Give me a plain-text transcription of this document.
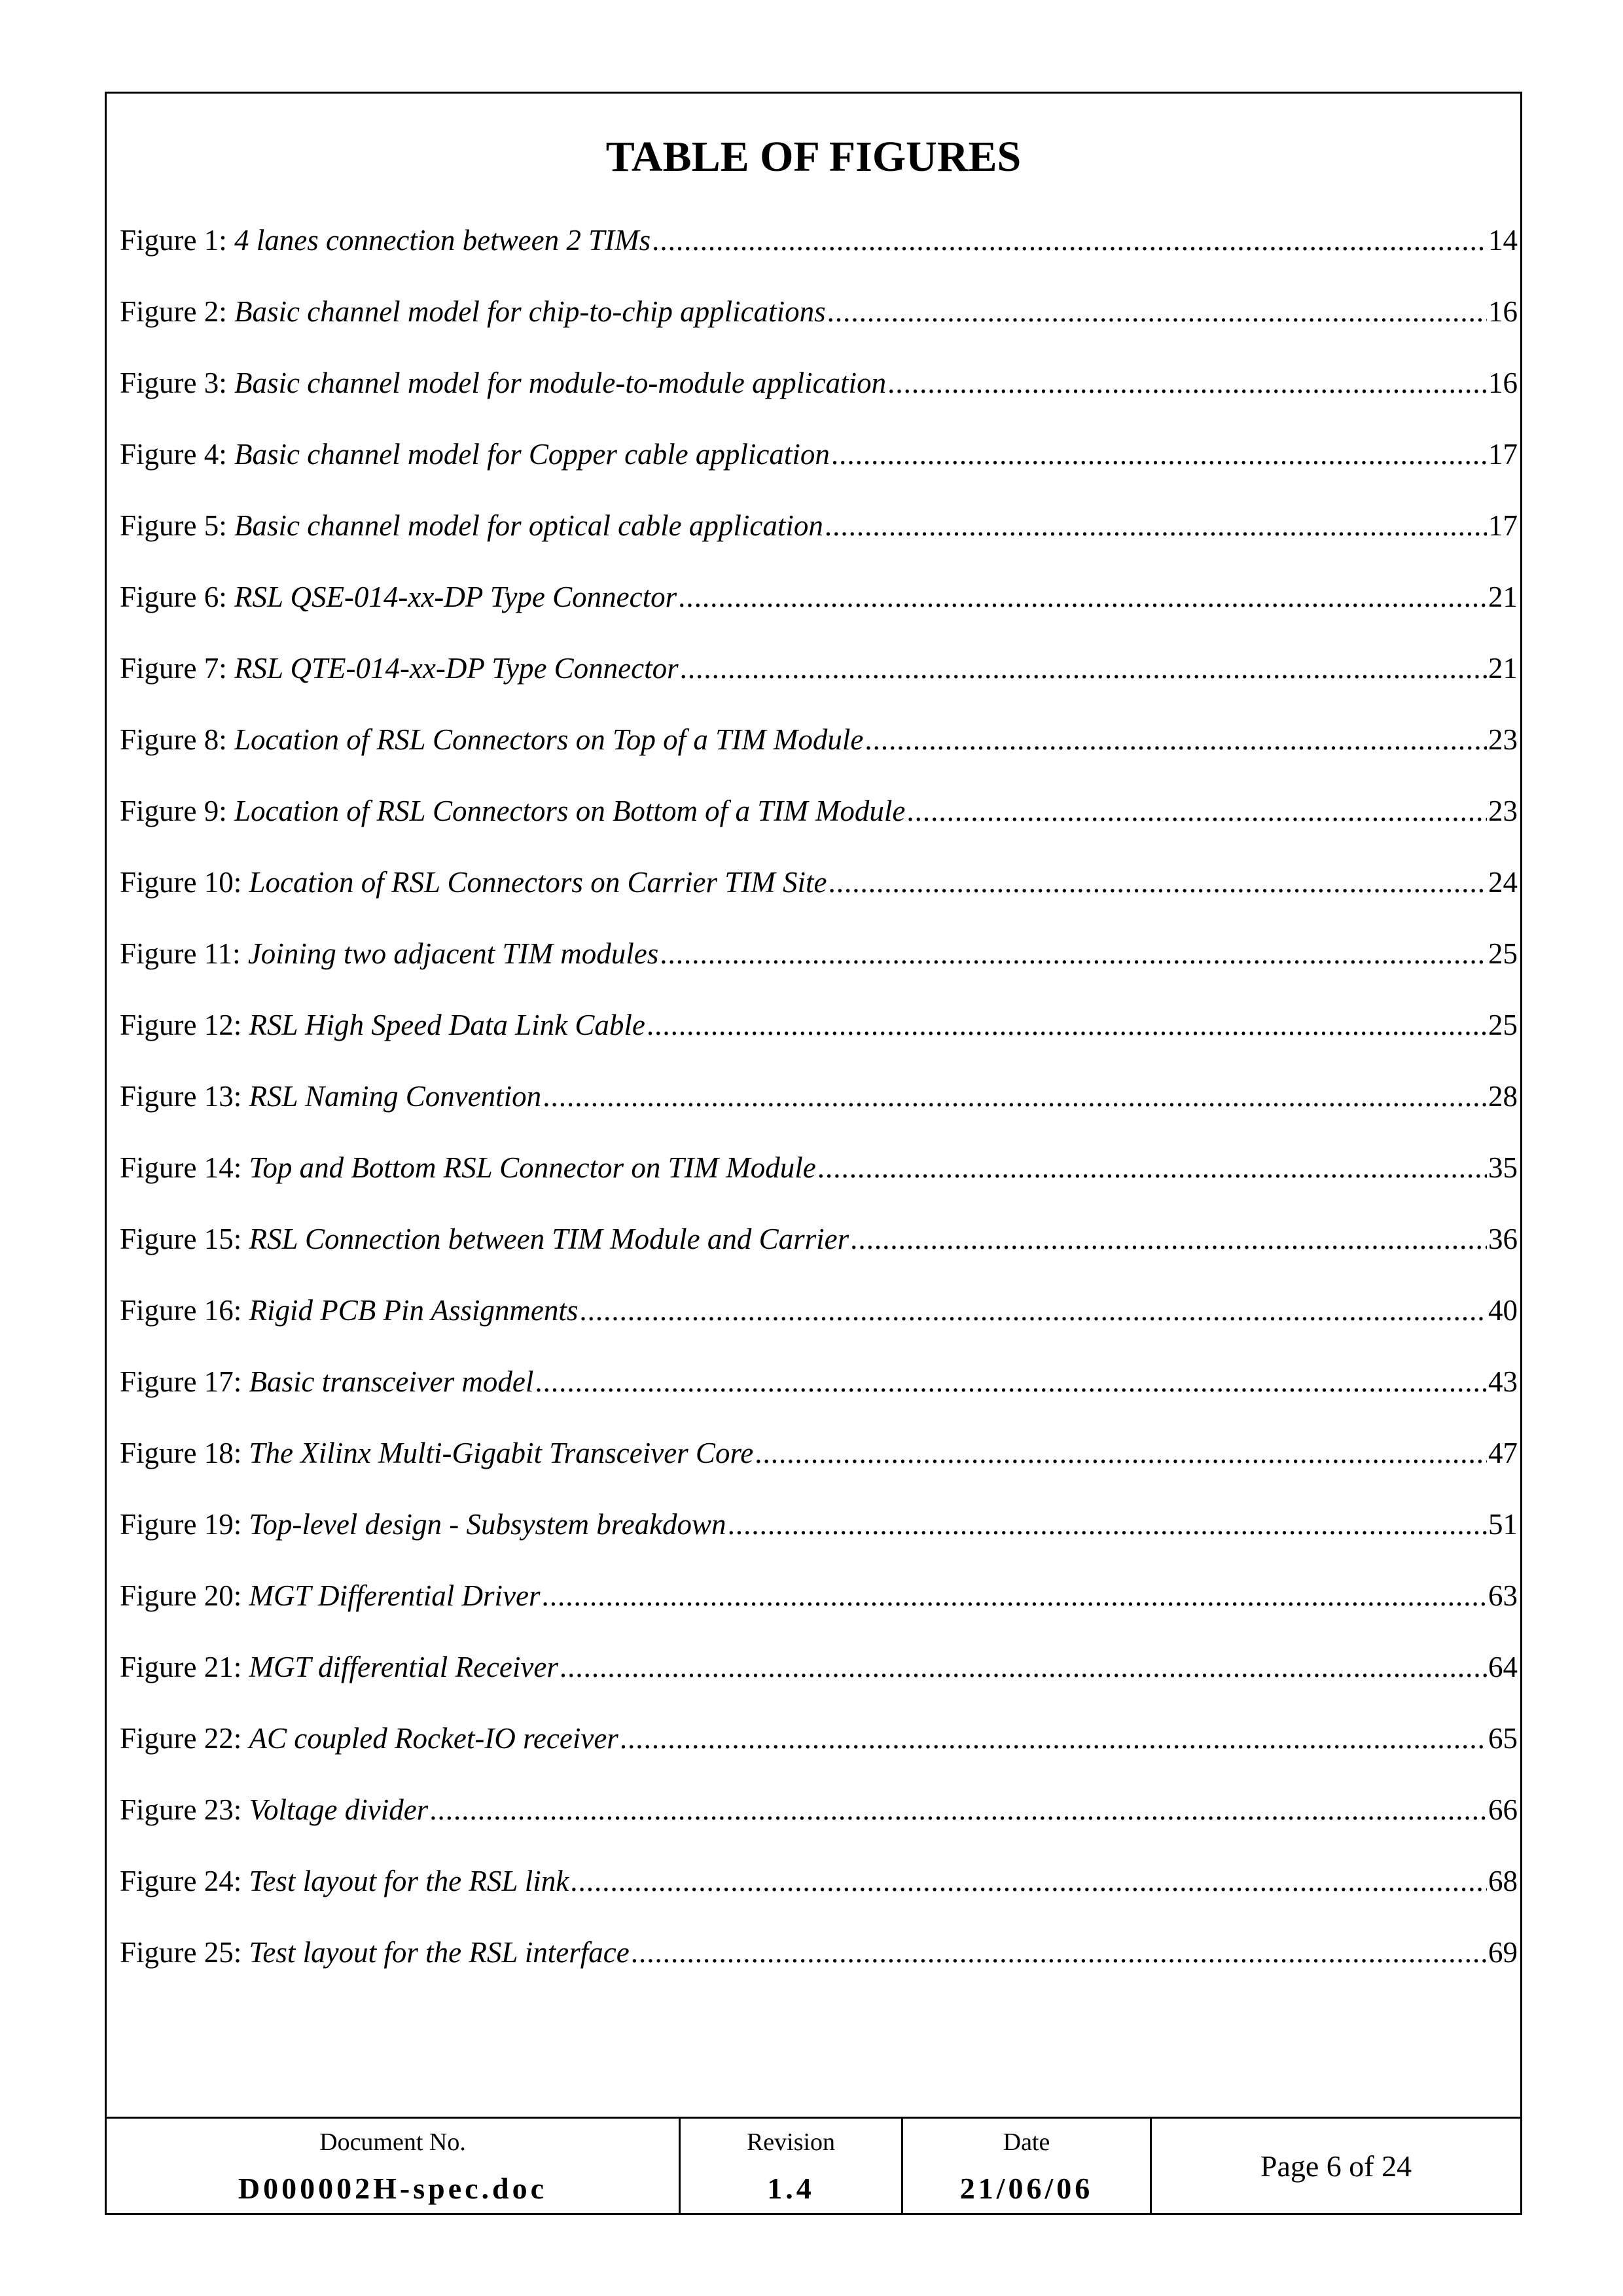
TABLE OF FIGURES
Figure 1: 4 lanes connection between 2 TIMs .....	14
Figure 2: Basic channel model for chip-to-chip applications .....	16
Figure 3: Basic channel model for module-to-module application .....	16
Figure 4: Basic channel model for Copper cable application .....	17
Figure 5: Basic channel model for optical cable application .....	17
Figure 6: RSL QSE-014-xx-DP Type Connector .....	21
Figure 7: RSL QTE-014-xx-DP Type Connector .....	21
Figure 8: Location of RSL Connectors on Top of a TIM Module .....	23
Figure 9: Location of RSL Connectors on Bottom of a TIM Module .....	23
Figure 10: Location of RSL Connectors on Carrier TIM Site .....	24
Figure 11: Joining two adjacent TIM modules .....	25
Figure 12: RSL High Speed Data Link Cable .....	25
Figure 13: RSL Naming Convention .....	28
Figure 14: Top and Bottom RSL Connector on TIM Module .....	35
Figure 15: RSL Connection between TIM Module and Carrier .....	36
Figure 16: Rigid PCB Pin Assignments .....	40
Figure 17: Basic transceiver model .....	43
Figure 18: The Xilinx Multi-Gigabit Transceiver Core .....	47
Figure 19: Top-level design - Subsystem breakdown .....	51
Figure 20: MGT Differential Driver .....	63
Figure 21: MGT differential Receiver .....	64
Figure 22: AC coupled Rocket-IO receiver .....	65
Figure 23: Voltage divider .....	66
Figure 24: Test layout for the RSL link .....	68
Figure 25: Test layout for the RSL interface .....	69
Document No.
D000002H-spec.doc
Revision
1.4
Date
21/06/06
Page 6 of 24
